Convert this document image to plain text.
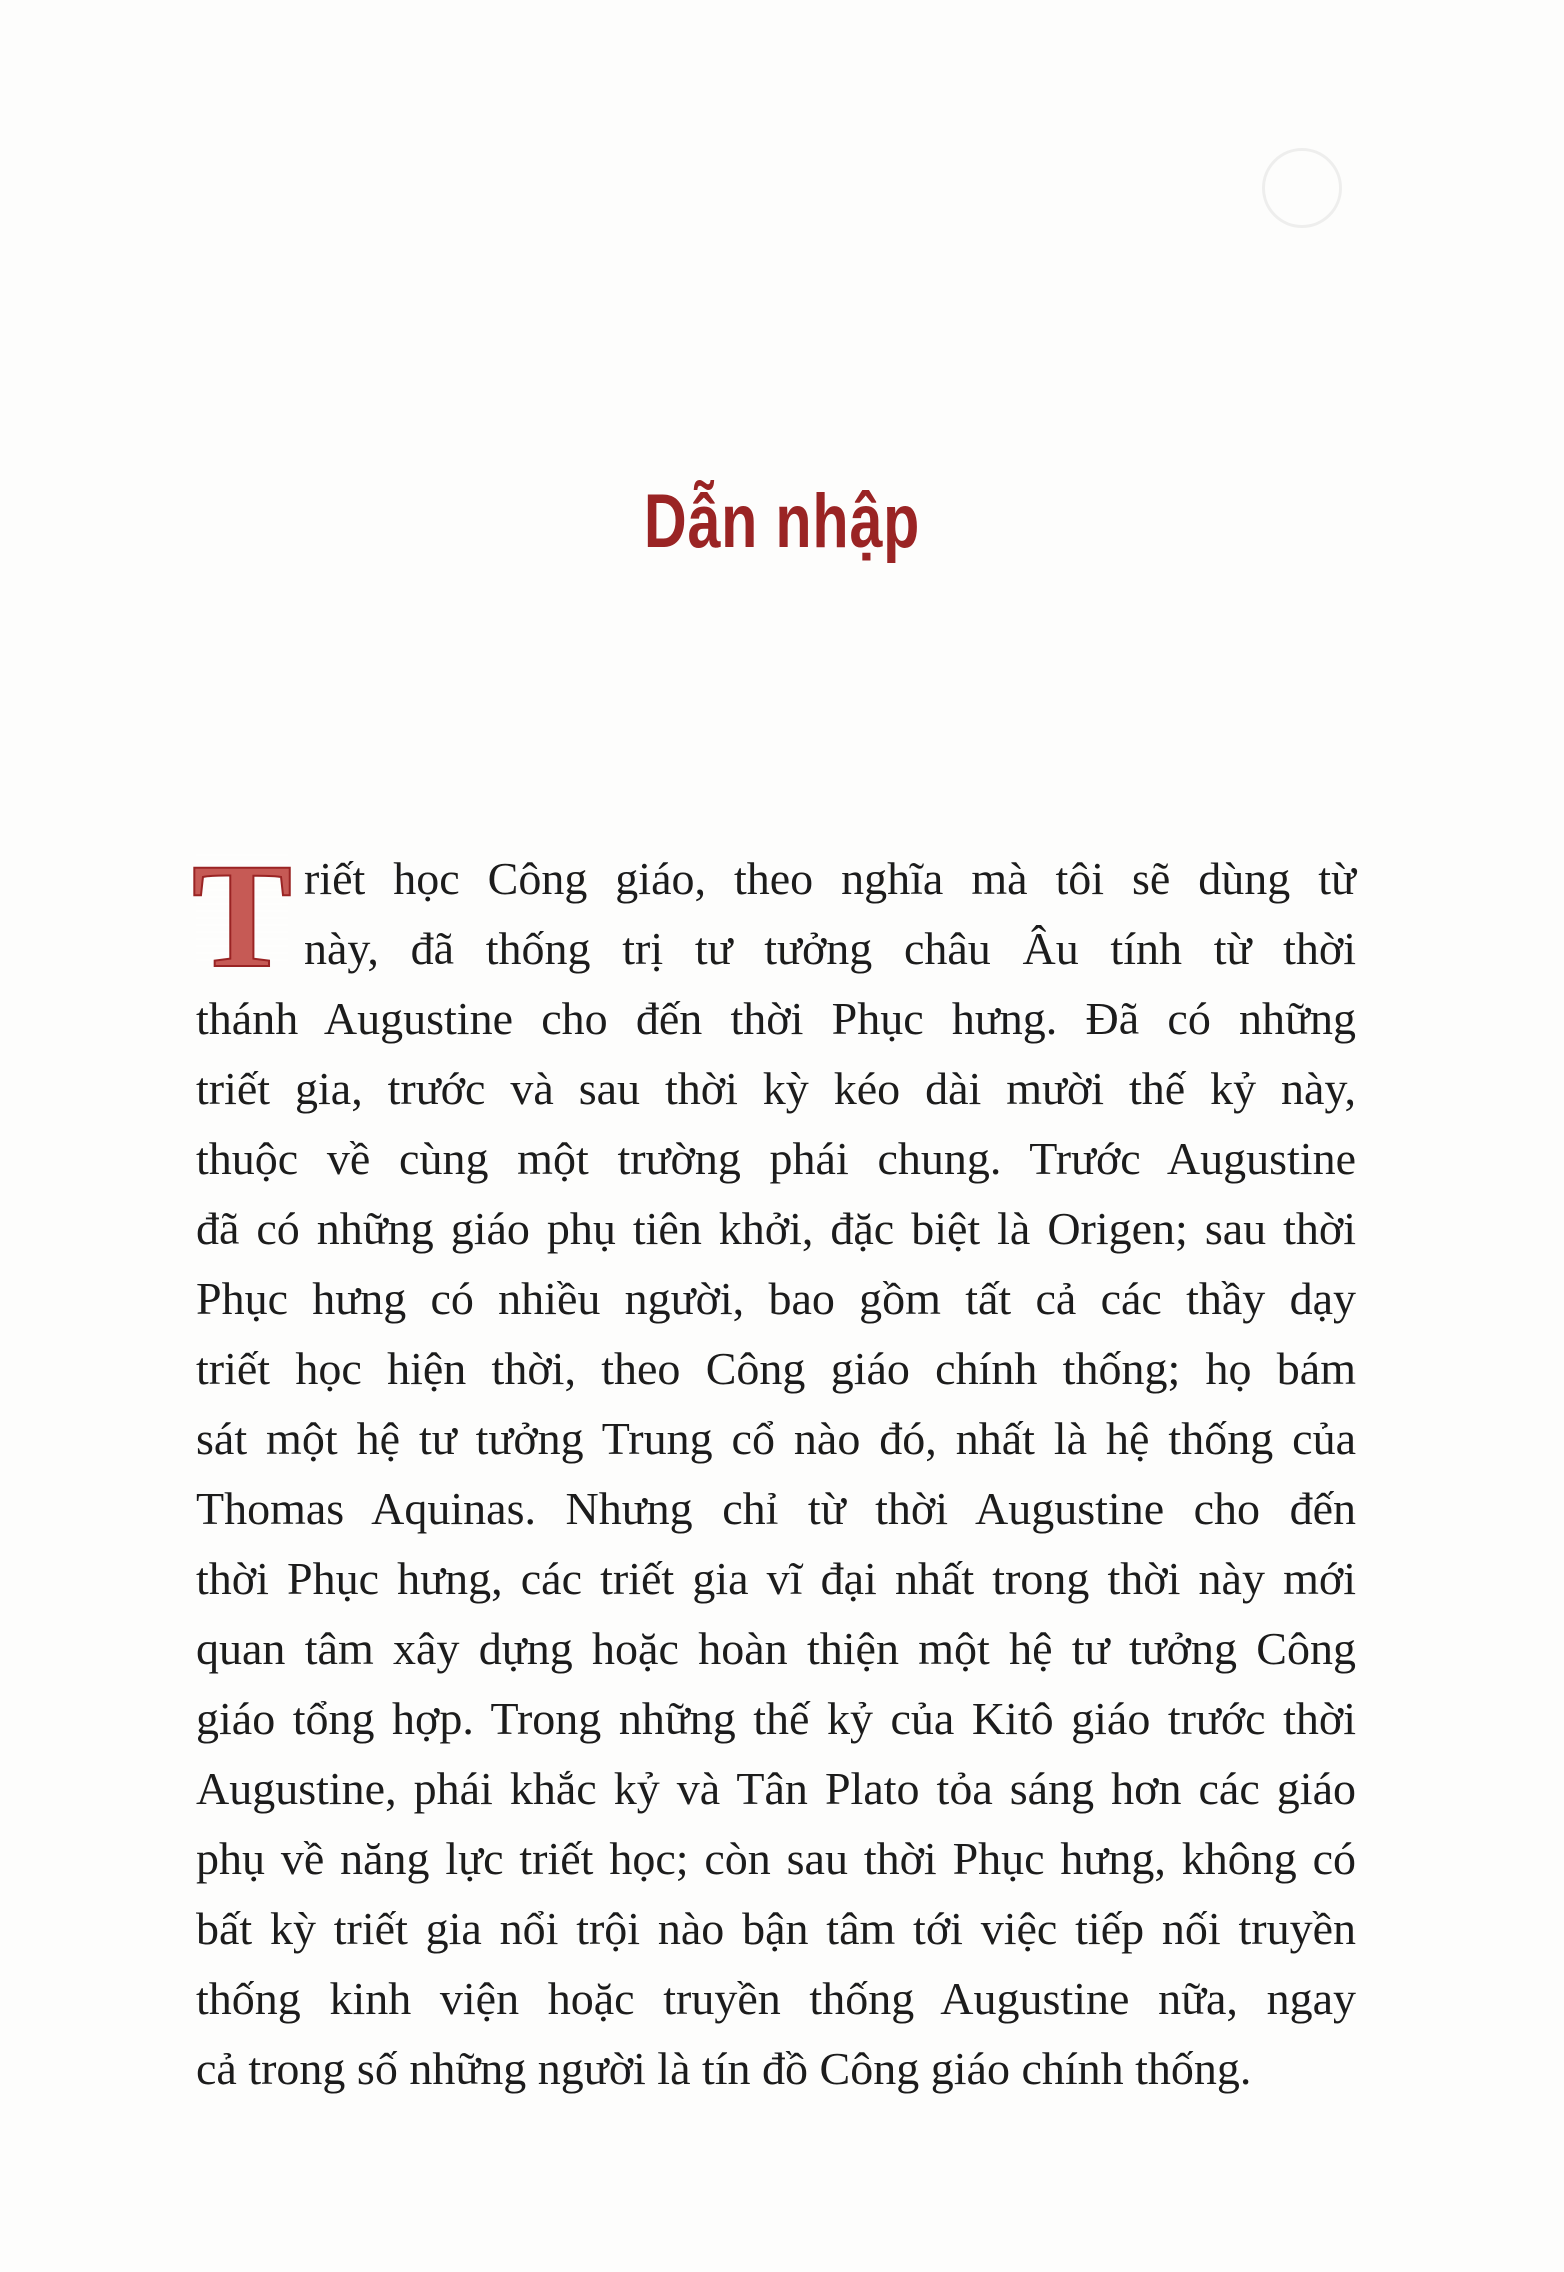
Dẫn nhập
T riết học Công giáo, theo nghĩa mà tôi sẽ dùng từ
này, đã thống trị tư tưởng châu Âu tính từ thời
thánh Augustine cho đến thời Phục hưng. Đã có những
triết gia, trước và sau thời kỳ kéo dài mười thế kỷ này,
thuộc về cùng một trường phái chung. Trước Augustine
đã có những giáo phụ tiên khởi, đặc biệt là Origen; sau thời
Phục hưng có nhiều người, bao gồm tất cả các thầy dạy
triết học hiện thời, theo Công giáo chính thống; họ bám
sát một hệ tư tưởng Trung cổ nào đó, nhất là hệ thống của
Thomas Aquinas. Nhưng chỉ từ thời Augustine cho đến
thời Phục hưng, các triết gia vĩ đại nhất trong thời này mới
quan tâm xây dựng hoặc hoàn thiện một hệ tư tưởng Công
giáo tổng hợp. Trong những thế kỷ của Kitô giáo trước thời
Augustine, phái khắc kỷ và Tân Plato tỏa sáng hơn các giáo
phụ về năng lực triết học; còn sau thời Phục hưng, không có
bất kỳ triết gia nổi trội nào bận tâm tới việc tiếp nối truyền
thống kinh viện hoặc truyền thống Augustine nữa, ngay
cả trong số những người là tín đồ Công giáo chính thống.
